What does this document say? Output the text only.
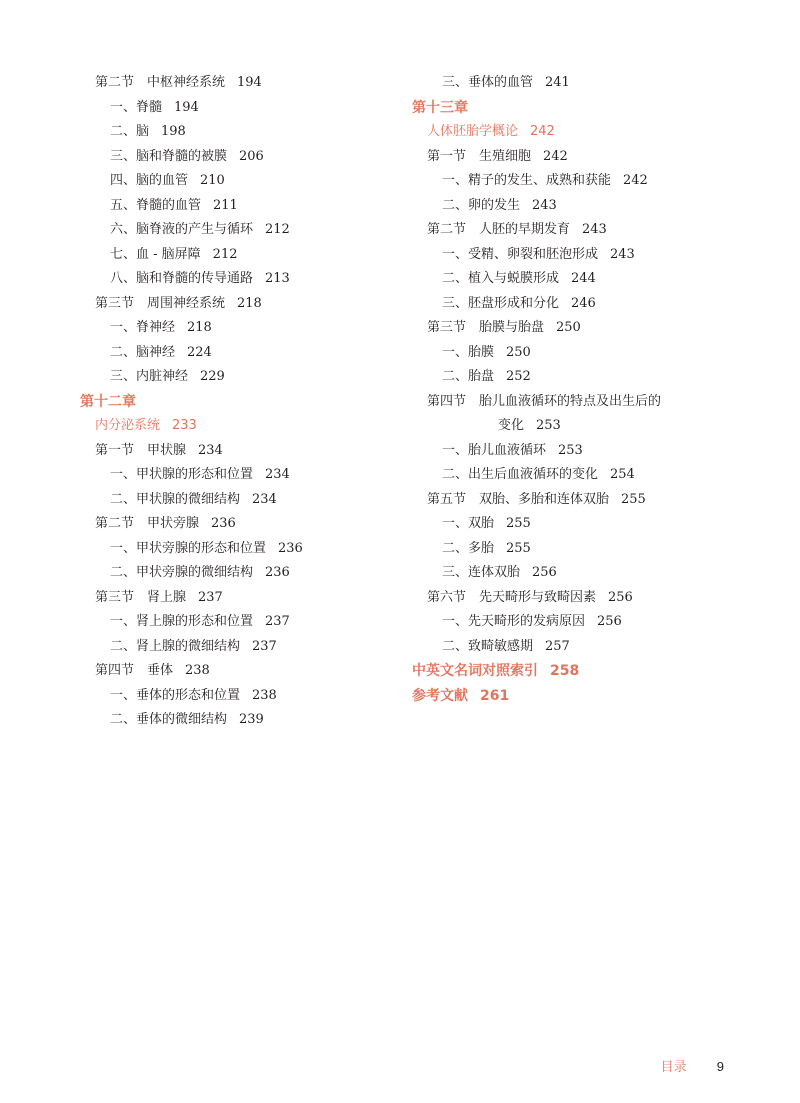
第二节　中枢神经系统 194
一、脊髓 194
二、脑 198
三、脑和脊髓的被膜 206
四、脑的血管 210
五、脊髓的血管 211
六、脑脊液的产生与循环 212
七、血 - 脑屏障 212
八、脑和脊髓的传导通路 213
第三节　周围神经系统 218
一、脊神经 218
二、脑神经 224
三、内脏神经 229
第十二章
内分泌系统 233
第一节　甲状腺 234
一、甲状腺的形态和位置 234
二、甲状腺的微细结构 234
第二节　甲状旁腺 236
一、甲状旁腺的形态和位置 236
二、甲状旁腺的微细结构 236
第三节　肾上腺 237
一、肾上腺的形态和位置 237
二、肾上腺的微细结构 237
第四节　垂体 238
一、垂体的形态和位置 238
二、垂体的微细结构 239
三、垂体的血管 241
第十三章
人体胚胎学概论 242
第一节　生殖细胞 242
一、精子的发生、成熟和获能 242
二、卵的发生 243
第二节　人胚的早期发育 243
一、受精、卵裂和胚泡形成 243
二、植入与蜕膜形成 244
三、胚盘形成和分化 246
第三节　胎膜与胎盘 250
一、胎膜 250
二、胎盘 252
第四节　胎儿血液循环的特点及出生后的
变化 253
一、胎儿血液循环 253
二、出生后血液循环的变化 254
第五节　双胎、多胎和连体双胎 255
一、双胎 255
二、多胎 255
三、连体双胎 256
第六节　先天畸形与致畸因素 256
一、先天畸形的发病原因 256
二、致畸敏感期 257
中英文名词对照索引 258
参考文献 261
目录 9
